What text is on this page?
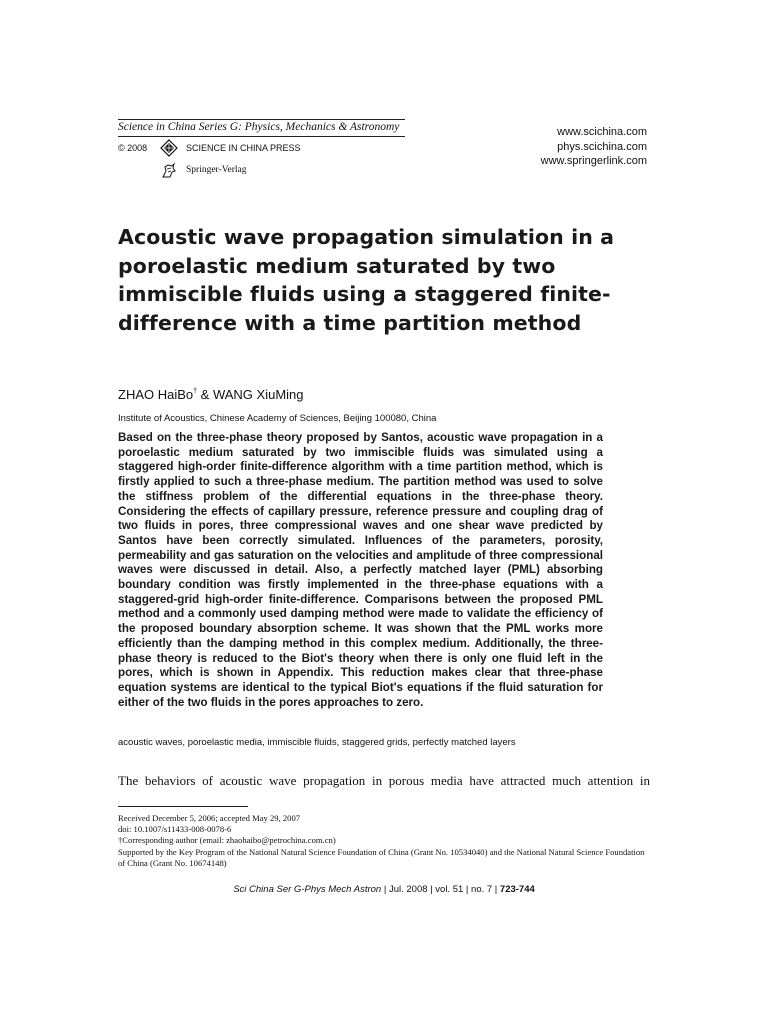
Science in China Series G: Physics, Mechanics & Astronomy
© 2008	SCIENCE IN CHINA PRESS
Springer-Verlag
www.scichina.com
phys.scichina.com
www.springerlink.com
Acoustic wave propagation simulation in a poroelastic medium saturated by two immiscible fluids using a staggered finite-difference with a time partition method
ZHAO HaiBo† & WANG XiuMing
Institute of Acoustics, Chinese Academy of Sciences, Beijing 100080, China
Based on the three-phase theory proposed by Santos, acoustic wave propagation in a poroelastic medium saturated by two immiscible fluids was simulated using a staggered high-order finite-difference algorithm with a time partition method, which is firstly applied to such a three-phase medium. The partition method was used to solve the stiffness problem of the differential equations in the three-phase theory. Considering the effects of capillary pressure, reference pressure and coupling drag of two fluids in pores, three compressional waves and one shear wave predicted by Santos have been correctly simulated. Influences of the parameters, porosity, permeability and gas saturation on the velocities and amplitude of three compressional waves were discussed in detail. Also, a perfectly matched layer (PML) absorbing boundary condition was firstly implemented in the three-phase equations with a staggered-grid high-order finite-difference. Comparisons between the proposed PML method and a commonly used damping method were made to validate the efficiency of the proposed boundary absorption scheme. It was shown that the PML works more efficiently than the damping method in this complex medium. Additionally, the three-phase theory is reduced to the Biot's theory when there is only one fluid left in the pores, which is shown in Appendix. This reduction makes clear that three-phase equation systems are identical to the typical Biot's equations if the fluid saturation for either of the two fluids in the pores approaches to zero.
acoustic waves, poroelastic media, immiscible fluids, staggered grids, perfectly matched layers
The behaviors of acoustic wave propagation in porous media have attracted much attention in
Received December 5, 2006; accepted May 29, 2007
doi: 10.1007/s11433-008-0078-6
†Corresponding author (email: zhaohaibo@petrochina.com.cn)
Supported by the Key Program of the National Natural Science Foundation of China (Grant No. 10534040) and the National Natural Science Foundation of China (Grant No. 10674148)
Sci China Ser G-Phys Mech Astron | Jul. 2008 | vol. 51 | no. 7 | 723-744
